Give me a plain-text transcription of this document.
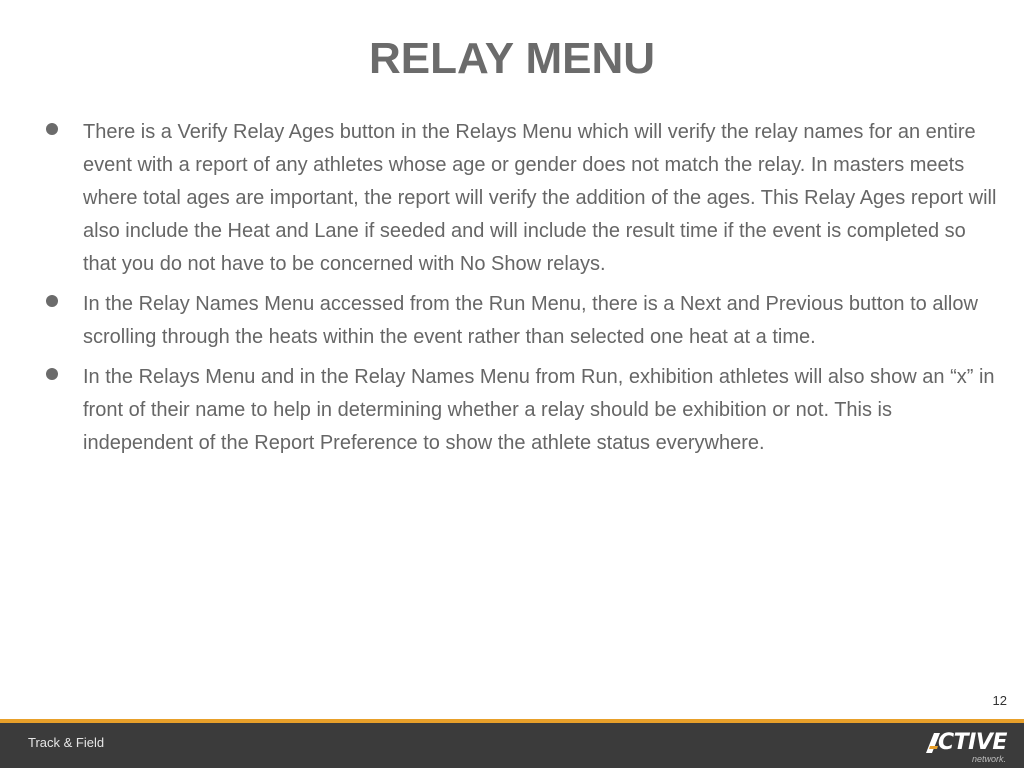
RELAY MENU
There is a Verify Relay Ages button in the Relays Menu which will verify the relay names for an entire event with a report of any athletes whose age or gender does not match the relay. In masters meets where total ages are important, the report will verify the addition of the ages. This Relay Ages report will also include the Heat and Lane if seeded and will include the result time if the event is completed so that you do not have to be concerned with No Show relays.
In the Relay Names Menu accessed from the Run Menu, there is a Next and Previous button to allow scrolling through the heats within the event rather than selected one heat at a time.
In the Relays Menu and in the Relay Names Menu from Run, exhibition athletes will also show an “x” in front of their name to help in determining whether a relay should be exhibition or not. This is independent of the Report Preference to show the athlete status everywhere.
12
Track & Field	CTIVE
network.
